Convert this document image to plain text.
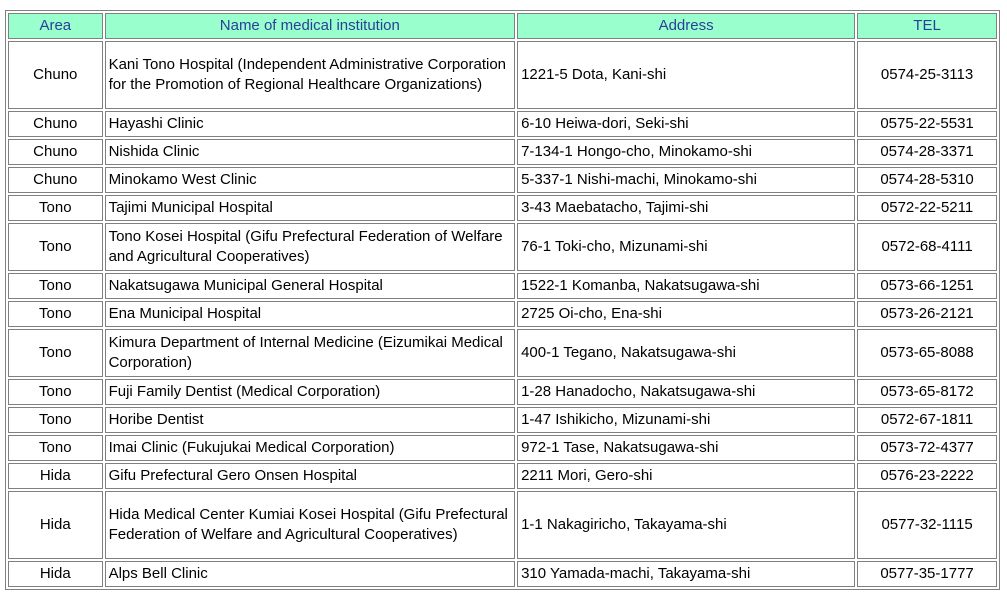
Area	Name of medical institution	Address	TEL
Chuno	Kani Tono Hospital (Independent Administrative Corporation for the Promotion of Regional Healthcare Organizations)	1221-5 Dota, Kani-shi	0574-25-3113
Chuno	Hayashi Clinic	6-10 Heiwa-dori, Seki-shi	0575-22-5531
Chuno	Nishida Clinic	7-134-1 Hongo-cho, Minokamo-shi	0574-28-3371
Chuno	Minokamo West Clinic	5-337-1 Nishi-machi, Minokamo-shi	0574-28-5310
Tono	Tajimi Municipal Hospital	3-43 Maebatacho, Tajimi-shi	0572-22-5211
Tono	Tono Kosei Hospital (Gifu Prefectural Federation of Welfare and Agricultural Cooperatives)	76-1 Toki-cho, Mizunami-shi	0572-68-4111
Tono	Nakatsugawa Municipal General Hospital	1522-1 Komanba, Nakatsugawa-shi	0573-66-1251
Tono	Ena Municipal Hospital	2725 Oi-cho, Ena-shi	0573-26-2121
Tono	Kimura Department of Internal Medicine (Eizumikai Medical Corporation)	400-1 Tegano, Nakatsugawa-shi	0573-65-8088
Tono	Fuji Family Dentist (Medical Corporation)	1-28 Hanadocho, Nakatsugawa-shi	0573-65-8172
Tono	Horibe Dentist	1-47 Ishikicho, Mizunami-shi	0572-67-1811
Tono	Imai Clinic (Fukujukai Medical Corporation)	972-1 Tase, Nakatsugawa-shi	0573-72-4377
Hida	Gifu Prefectural Gero Onsen Hospital	2211 Mori, Gero-shi	0576-23-2222
Hida	Hida Medical Center Kumiai Kosei Hospital (Gifu Prefectural Federation of Welfare and Agricultural Cooperatives)	1-1 Nakagiricho, Takayama-shi	0577-32-1115
Hida	Alps Bell Clinic	310 Yamada-machi, Takayama-shi	0577-35-1777
